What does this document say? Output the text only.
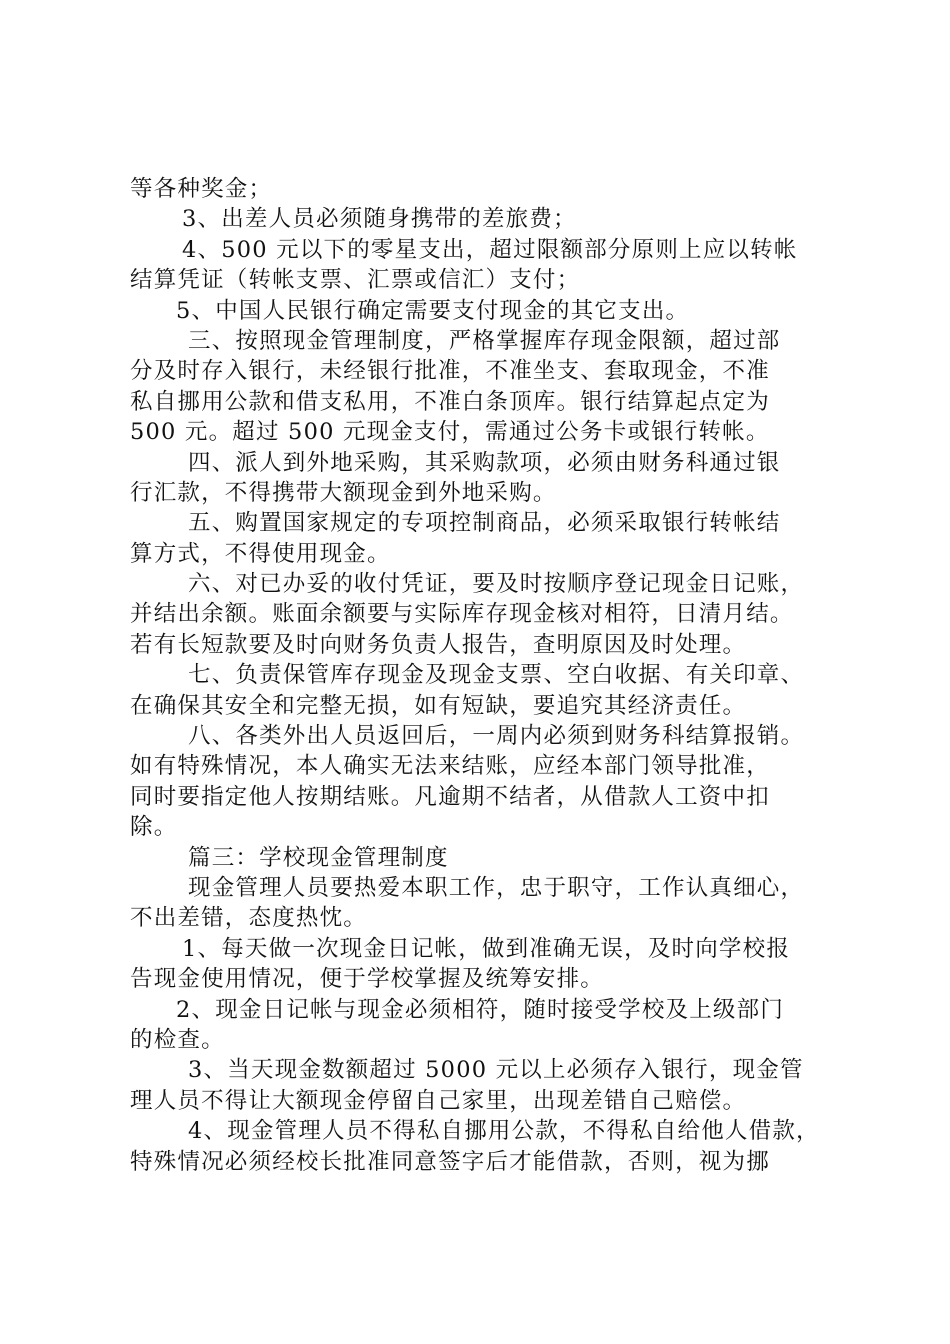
等各种奖金；
3、出差人员必须随身携带的差旅费；
4、500 元以下的零星支出，超过限额部分原则上应以转帐
结算凭证（转帐支票、汇票或信汇）支付；
5、中国人民银行确定需要支付现金的其它支出。
三、按照现金管理制度，严格掌握库存现金限额，超过部
分及时存入银行，未经银行批准，不准坐支、套取现金，不准
私自挪用公款和借支私用，不准白条顶库。银行结算起点定为
500 元。超过 500 元现金支付，需通过公务卡或银行转帐。
四、派人到外地采购，其采购款项，必须由财务科通过银
行汇款，不得携带大额现金到外地采购。
五、购置国家规定的专项控制商品，必须采取银行转帐结
算方式，不得使用现金。
六、对已办妥的收付凭证，要及时按顺序登记现金日记账，
并结出余额。账面余额要与实际库存现金核对相符，日清月结。
若有长短款要及时向财务负责人报告，查明原因及时处理。
七、负责保管库存现金及现金支票、空白收据、有关印章、
在确保其安全和完整无损，如有短缺，要追究其经济责任。
八、各类外出人员返回后，一周内必须到财务科结算报销。
如有特殊情况，本人确实无法来结账，应经本部门领导批准，
同时要指定他人按期结账。凡逾期不结者，从借款人工资中扣
除。
篇三：学校现金管理制度
现金管理人员要热爱本职工作，忠于职守，工作认真细心，
不出差错，态度热忱。
1、每天做一次现金日记帐，做到准确无误，及时向学校报
告现金使用情况，便于学校掌握及统筹安排。
2、现金日记帐与现金必须相符，随时接受学校及上级部门
的检查。
3、当天现金数额超过 5000 元以上必须存入银行，现金管
理人员不得让大额现金停留自己家里，出现差错自己赔偿。
4、现金管理人员不得私自挪用公款，不得私自给他人借款，
特殊情况必须经校长批准同意签字后才能借款，否则，视为挪
